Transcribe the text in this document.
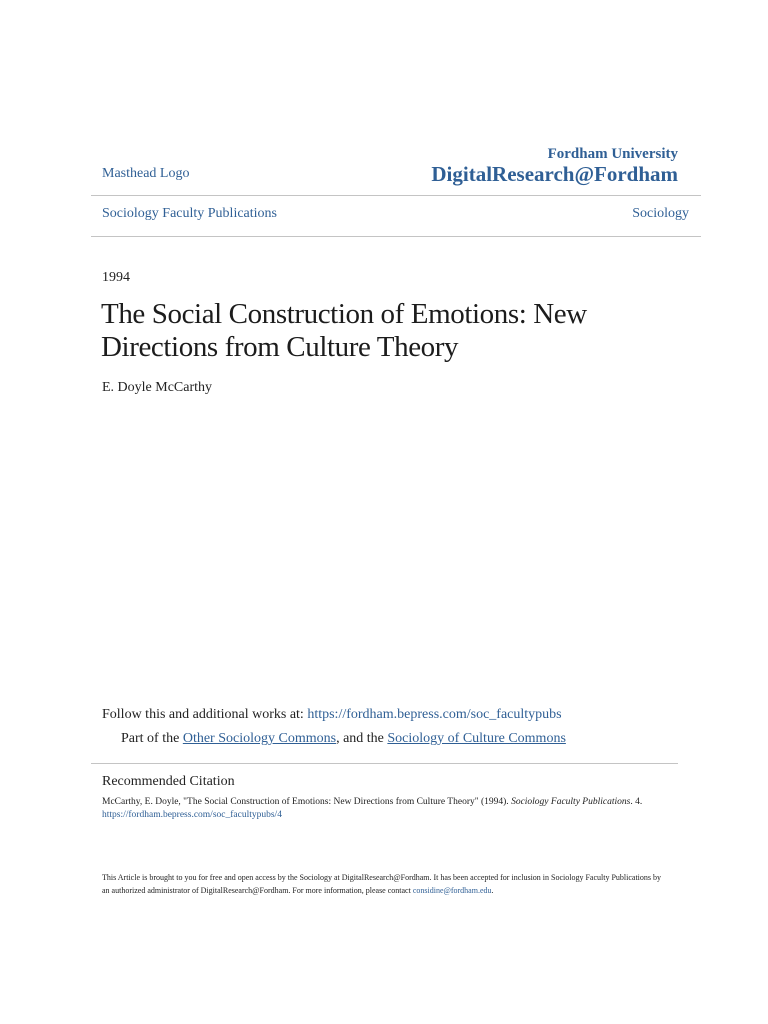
Masthead Logo
Fordham University
DigitalResearch@Fordham
Sociology Faculty Publications	Sociology
1994
The Social Construction of Emotions: New Directions from Culture Theory
E. Doyle McCarthy
Follow this and additional works at: https://fordham.bepress.com/soc_facultypubs
Part of the Other Sociology Commons, and the Sociology of Culture Commons
Recommended Citation
McCarthy, E. Doyle, "The Social Construction of Emotions: New Directions from Culture Theory" (1994). Sociology Faculty Publications. 4.
https://fordham.bepress.com/soc_facultypubs/4
This Article is brought to you for free and open access by the Sociology at DigitalResearch@Fordham. It has been accepted for inclusion in Sociology Faculty Publications by an authorized administrator of DigitalResearch@Fordham. For more information, please contact considine@fordham.edu.
